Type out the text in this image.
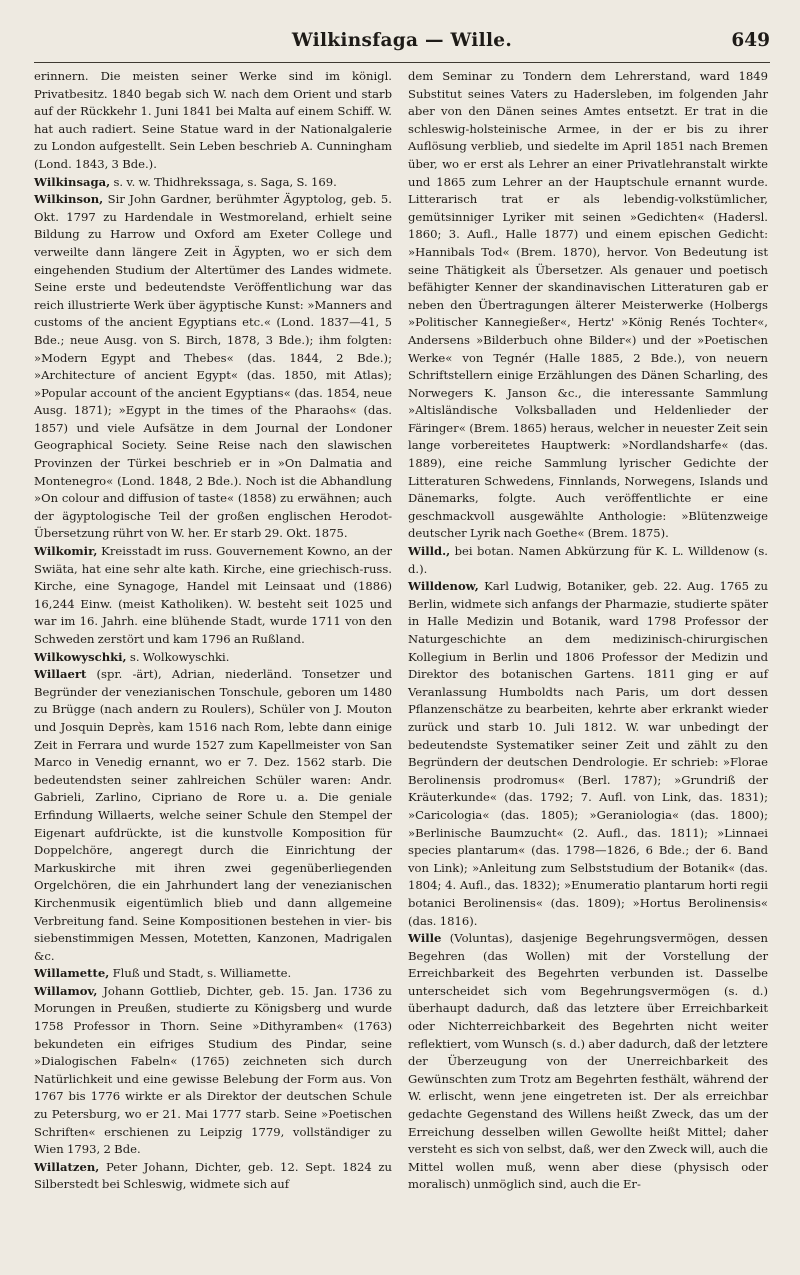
Wilkinsfaga — Wille.	649

erinnern. Die meisten seiner Werke sind im königl. Privatbesitz. 1840 begab sich W. nach dem Orient und starb auf der Rückkehr 1. Juni 1841 bei Malta auf einem Schiff. W. hat auch radiert. Seine Statue ward in der Nationalgalerie zu London aufgestellt. Sein Leben beschrieb A. Cunningham (Lond. 1843, 3 Bde.).

Wilkinsaga, s. v. w. Thidhrekssaga, s. Saga, S. 169.

Wilkinson, Sir John Gardner, berühmter Ägyptolog, geb. 5. Okt. 1797 zu Hardendale in Westmoreland, erhielt seine Bildung zu Harrow und Oxford am Exeter College und verweilte dann längere Zeit in Ägypten, wo er sich dem eingehenden Studium der Altertümer des Landes widmete. Seine erste und bedeutendste Veröffentlichung war das reich illustrierte Werk über ägyptische Kunst: »Manners and customs of the ancient Egyptians etc.« (Lond. 1837—41, 5 Bde.; neue Ausg. von S. Birch, 1878, 3 Bde.); ihm folgten: »Modern Egypt and Thebes« (das. 1844, 2 Bde.); »Architecture of ancient Egypt« (das. 1850, mit Atlas); »Popular account of the ancient Egyptians« (das. 1854, neue Ausg. 1871); »Egypt in the times of the Pharaohs« (das. 1857) und viele Aufsätze in dem Journal der Londoner Geographical Society. Seine Reise nach den slawischen Provinzen der Türkei beschrieb er in »On Dalmatia and Montenegro« (Lond. 1848, 2 Bde.). Noch ist die Abhandlung »On colour and diffusion of taste« (1858) zu erwähnen; auch der ägyptologische Teil der großen englischen Herodot-Übersetzung rührt von W. her. Er starb 29. Okt. 1875.

Wilkomir, Kreisstadt im russ. Gouvernement Kowno, an der Swiäta, hat eine sehr alte kath. Kirche, eine griechisch-russ. Kirche, eine Synagoge, Handel mit Leinsaat und (1886) 16,244 Einw. (meist Katholiken). W. besteht seit 1025 und war im 16. Jahrh. eine blühende Stadt, wurde 1711 von den Schweden zerstört und kam 1796 an Rußland.

Wilkowyschki, s. Wolkowyschki.

Willaert (spr. -ärt), Adrian, niederländ. Tonsetzer und Begründer der venezianischen Tonschule, geboren um 1480 zu Brügge (nach andern zu Roulers), Schüler von J. Mouton und Josquin Deprès, kam 1516 nach Rom, lebte dann einige Zeit in Ferrara und wurde 1527 zum Kapellmeister von San Marco in Venedig ernannt, wo er 7. Dez. 1562 starb. Die bedeutendsten seiner zahlreichen Schüler waren: Andr. Gabrieli, Zarlino, Cipriano de Rore u. a. Die geniale Erfindung Willaerts, welche seiner Schule den Stempel der Eigenart aufdrückte, ist die kunstvolle Komposition für Doppelchöre, angeregt durch die Einrichtung der Markuskirche mit ihren zwei gegenüberliegenden Orgelchören, die ein Jahrhundert lang der venezianischen Kirchenmusik eigentümlich blieb und dann allgemeine Verbreitung fand. Seine Kompositionen bestehen in vier- bis siebenstimmigen Messen, Motetten, Kanzonen, Madrigalen &c.

Willamette, Fluß und Stadt, s. Williamette.

Willamov, Johann Gottlieb, Dichter, geb. 15. Jan. 1736 zu Morungen in Preußen, studierte zu Königsberg und wurde 1758 Professor in Thorn. Seine »Dithyramben« (1763) bekundeten ein eifriges Studium des Pindar, seine »Dialogischen Fabeln« (1765) zeichneten sich durch Natürlichkeit und eine gewisse Belebung der Form aus. Von 1767 bis 1776 wirkte er als Direktor der deutschen Schule zu Petersburg, wo er 21. Mai 1777 starb. Seine »Poetischen Schriften« erschienen zu Leipzig 1779, vollständiger zu Wien 1793, 2 Bde.

Willatzen, Peter Johann, Dichter, geb. 12. Sept. 1824 zu Silberstedt bei Schleswig, widmete sich auf

dem Seminar zu Tondern dem Lehrerstand, ward 1849 Substitut seines Vaters zu Hadersleben, im folgenden Jahr aber von den Dänen seines Amtes entsetzt. Er trat in die schleswig-holsteinische Armee, in der er bis zu ihrer Auflösung verblieb, und siedelte im April 1851 nach Bremen über, wo er erst als Lehrer an einer Privatlehranstalt wirkte und 1865 zum Lehrer an der Hauptschule ernannt wurde. Litterarisch trat er als lebendig-volkstümlicher, gemütsinniger Lyriker mit seinen »Gedichten« (Hadersl. 1860; 3. Aufl., Halle 1877) und einem epischen Gedicht: »Hannibals Tod« (Brem. 1870), hervor. Von Bedeutung ist seine Thätigkeit als Übersetzer. Als genauer und poetisch befähigter Kenner der skandinavischen Litteraturen gab er neben den Übertragungen älterer Meisterwerke (Holbergs »Politischer Kannegießer«, Hertz' »König Renés Tochter«, Andersens »Bilderbuch ohne Bilder«) und der »Poetischen Werke« von Tegnér (Halle 1885, 2 Bde.), von neuern Schriftstellern einige Erzählungen des Dänen Scharling, des Norwegers K. Janson &c., die interessante Sammlung »Altisländische Volksballaden und Heldenlieder der Färinger« (Brem. 1865) heraus, welcher in neuester Zeit sein lange vorbereitetes Hauptwerk: »Nordlandsharfe« (das. 1889), eine reiche Sammlung lyrischer Gedichte der Litteraturen Schwedens, Finnlands, Norwegens, Islands und Dänemarks, folgte. Auch veröffentlichte er eine geschmackvoll ausgewählte Anthologie: »Blütenzweige deutscher Lyrik nach Goethe« (Brem. 1875).

Willd., bei botan. Namen Abkürzung für K. L. Willdenow (s. d.).

Willdenow, Karl Ludwig, Botaniker, geb. 22. Aug. 1765 zu Berlin, widmete sich anfangs der Pharmazie, studierte später in Halle Medizin und Botanik, ward 1798 Professor der Naturgeschichte an dem medizinisch-chirurgischen Kollegium in Berlin und 1806 Professor der Medizin und Direktor des botanischen Gartens. 1811 ging er auf Veranlassung Humboldts nach Paris, um dort dessen Pflanzenschätze zu bearbeiten, kehrte aber erkrankt wieder zurück und starb 10. Juli 1812. W. war unbedingt der bedeutendste Systematiker seiner Zeit und zählt zu den Begründern der deutschen Dendrologie. Er schrieb: »Florae Berolinensis prodromus« (Berl. 1787); »Grundriß der Kräuterkunde« (das. 1792; 7. Aufl. von Link, das. 1831); »Caricologia« (das. 1805); »Geraniologia« (das. 1800); »Berlinische Baumzucht« (2. Aufl., das. 1811); »Linnaei species plantarum« (das. 1798—1826, 6 Bde.; der 6. Band von Link); »Anleitung zum Selbststudium der Botanik« (das. 1804; 4. Aufl., das. 1832); »Enumeratio plantarum horti regii botanici Berolinensis« (das. 1809); »Hortus Berolinensis« (das. 1816).

Wille (Voluntas), dasjenige Begehrungsvermögen, dessen Begehren (das Wollen) mit der Vorstellung der Erreichbarkeit des Begehrten verbunden ist. Dasselbe unterscheidet sich vom Begehrungsvermögen (s. d.) überhaupt dadurch, daß das letztere über Erreichbarkeit oder Nichterreichbarkeit des Begehrten nicht weiter reflektiert, vom Wunsch (s. d.) aber dadurch, daß der letztere der Überzeugung von der Unerreichbarkeit des Gewünschten zum Trotz am Begehrten festhält, während der W. erlischt, wenn jene eingetreten ist. Der als erreichbar gedachte Gegenstand des Willens heißt Zweck, das um der Erreichung desselben willen Gewollte heißt Mittel; daher versteht es sich von selbst, daß, wer den Zweck will, auch die Mittel wollen muß, wenn aber diese (physisch oder moralisch) unmöglich sind, auch die Er-
